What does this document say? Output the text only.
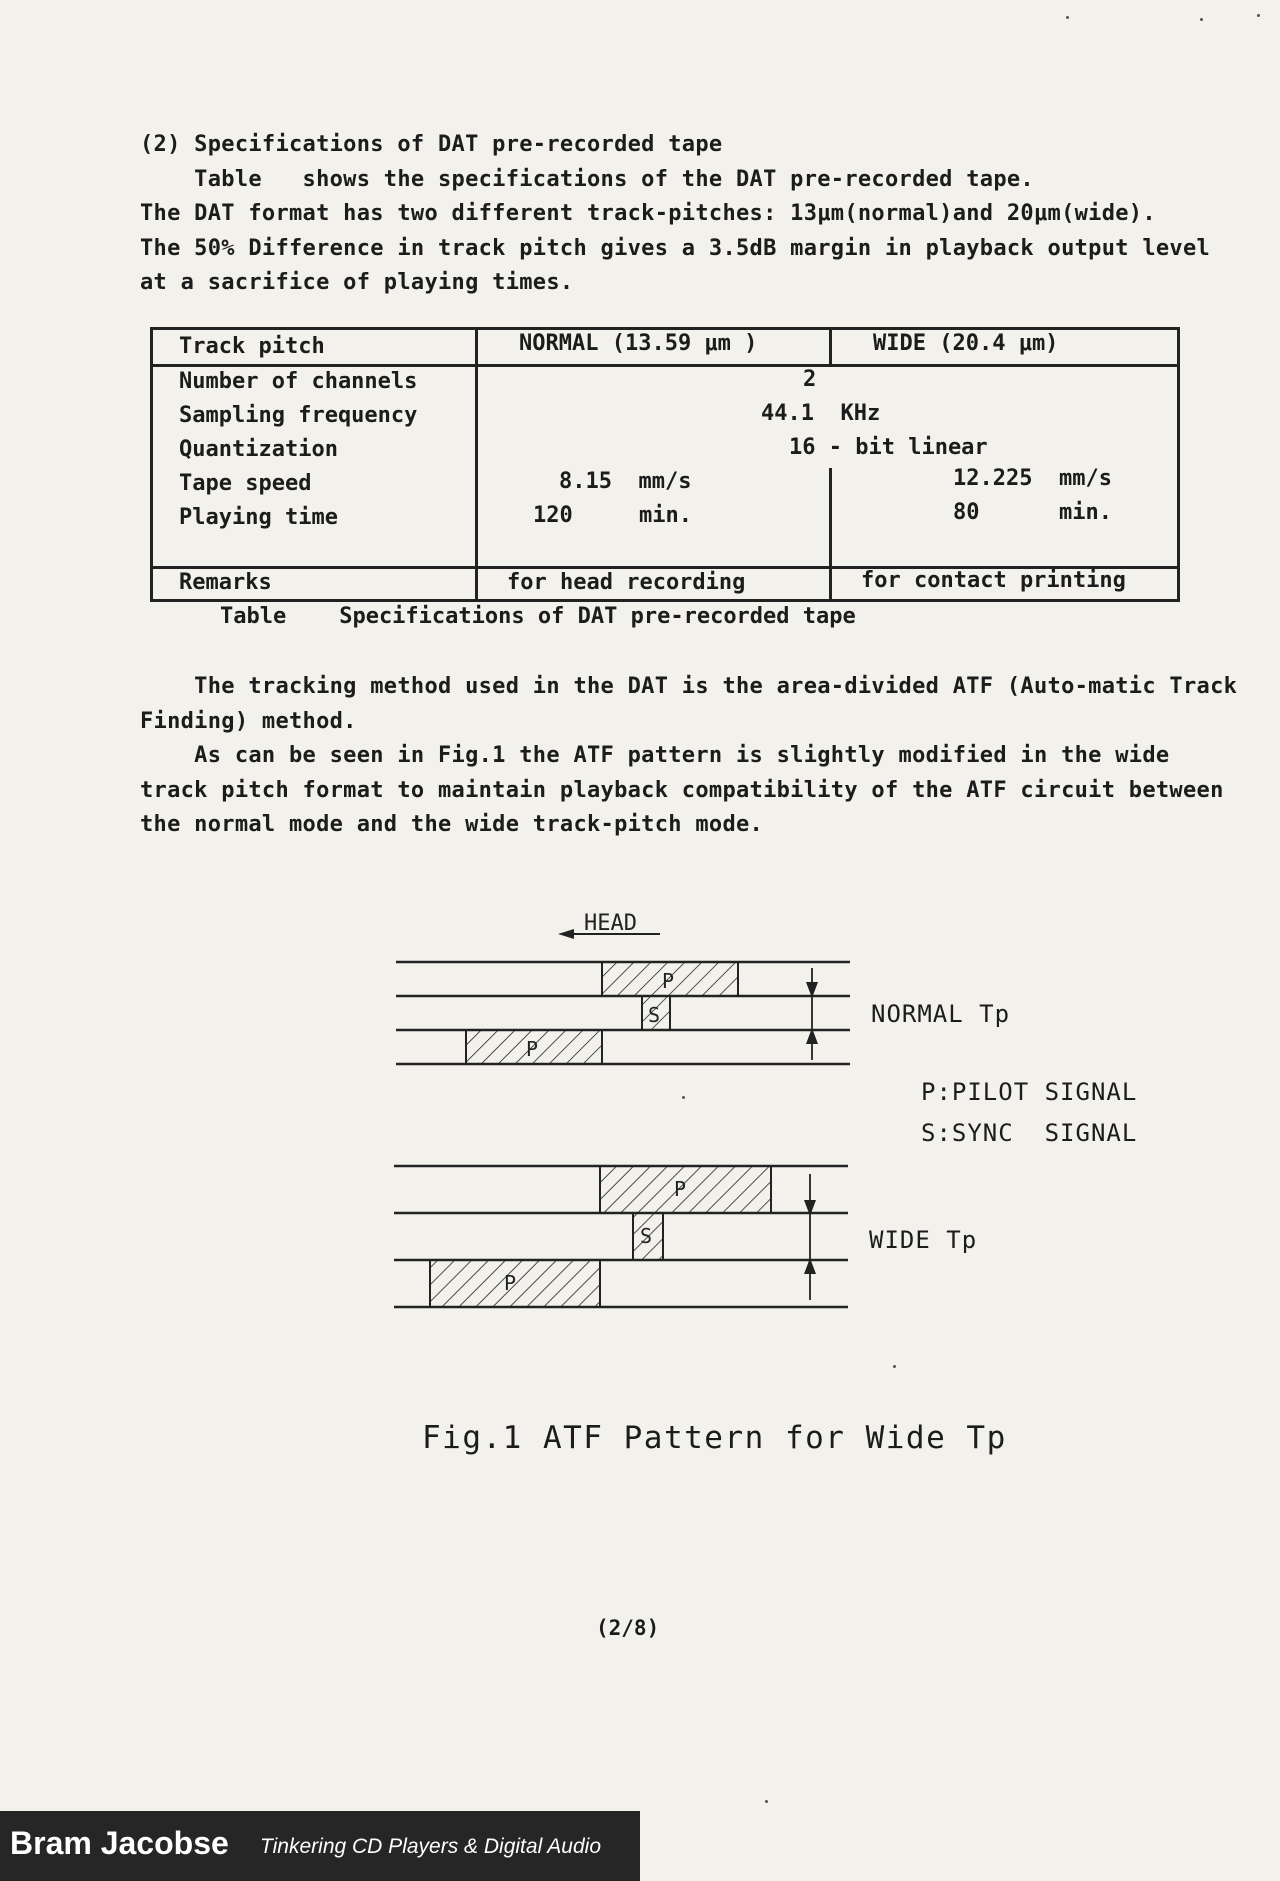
(2) Specifications of DAT pre-recorded tape
Table   shows the specifications of the DAT pre-recorded tape.
The DAT format has two different track-pitches: 13μm(normal)and 20μm(wide).
The 50% Difference in track pitch gives a 3.5dB margin in playback output level
at a sacrifice of playing times.
Track pitch	NORMAL (13.59 μm )	WIDE (20.4 μm)
Number of channels	2
Sampling frequency	44.1  KHz
Quantization	16 - bit linear
Tape speed	8.15  mm/s	12.225  mm/s
Playing time	120     min.	80      min.
Remarks	for head recording	for contact printing
Table    Specifications of DAT pre-recorded tape
The tracking method used in the DAT is the area-divided ATF (Auto-matic Track
Finding) method.
As can be seen in Fig.1 the ATF pattern is slightly modified in the wide
track pitch format to maintain playback compatibility of the ATF circuit between
the normal mode and the wide track-pitch mode.
HEAD
P
S
P
P
S
P
NORMAL Tp
P:PILOT SIGNAL
S:SYNC  SIGNAL
WIDE Tp
Fig.1 ATF Pattern for Wide Tp
(2/8)
Bram Jacobse Tinkering CD Players & Digital Audio
